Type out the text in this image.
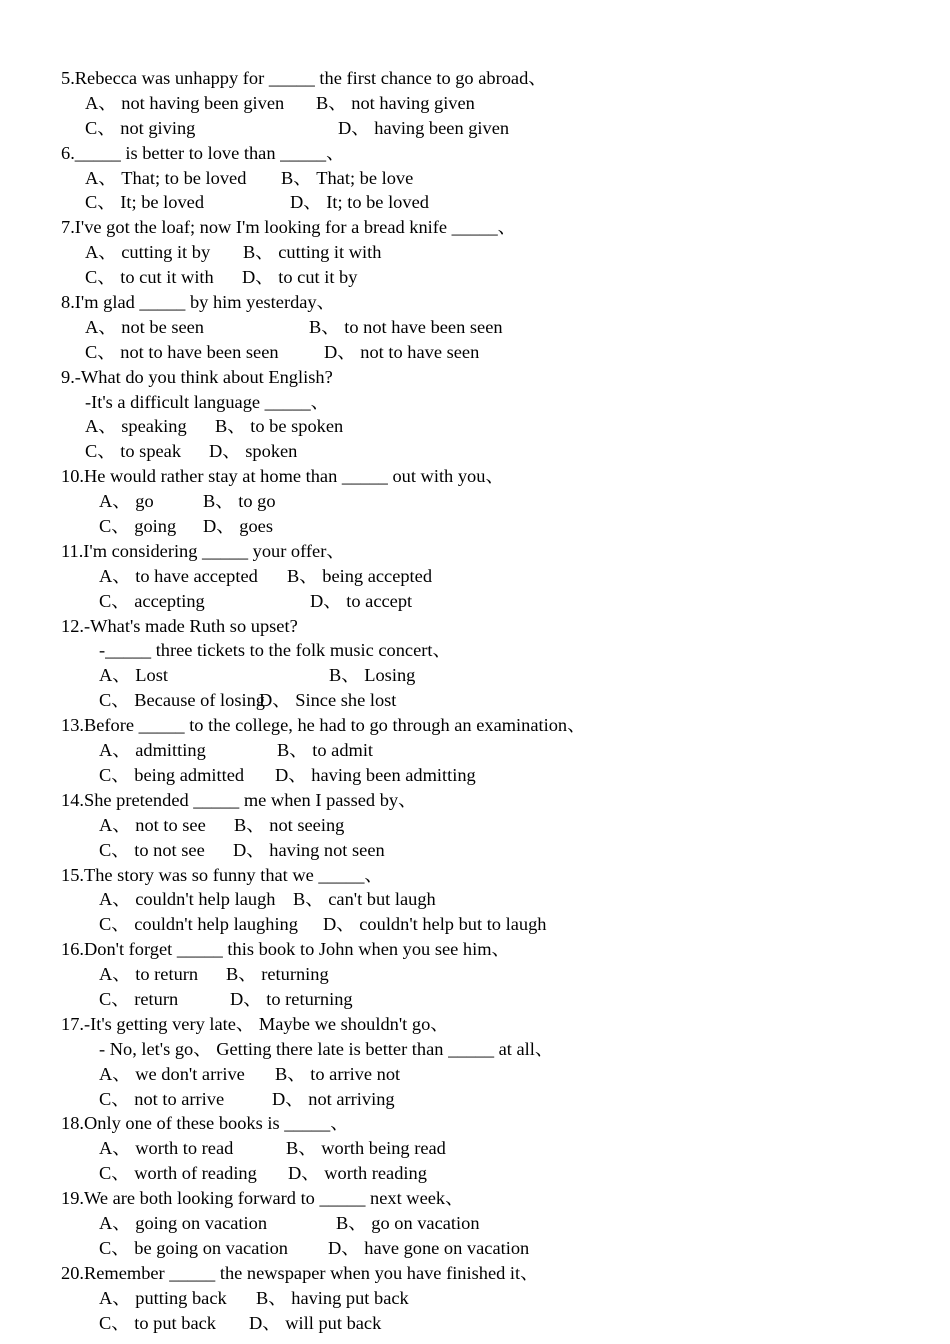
5.Rebecca was unhappy for _____ the first chance to go abroad、
A、 not having been given B、 not having given
C、 not giving	D、 having been given
6._____ is better to love than _____、
A、 That; to be loved B、 That; be love
C、 It; be loved	D、 It; to be loved
7.I've got the loaf; now I'm looking for a bread knife _____、
A、 cutting it by B、 cutting it with
C、 to cut it with D、 to cut it by
8.I'm glad _____ by him yesterday、
A、 not be seen	B、 to not have been seen
C、 not to have been seen D、 not to have seen
9.-What do you think about English?
-It's a difficult language _____、
A、 speaking B、 to be spoken
C、 to speak D、 spoken
10.He would rather stay at home than _____ out with you、
A、 go	B、 to go
C、 going D、 goes
11.I'm considering _____ your offer、
A、 to have accepted B、 being accepted
C、 accepting	D、 to accept
12.-What's made Ruth so upset?
-_____ three tickets to the folk music concert、
A、 Lost	B、 Losing
C、 Because of losingD、 Since she lost
13.Before _____ to the college, he had to go through an examination、
A、 admitting	B、 to admit
C、 being admitted D、 having been admitting
14.She pretended _____ me when I passed by、
A、 not to see B、 not seeing
C、 to not see D、 having not seen
15.The story was so funny that we _____、
A、 couldn't help laugh B、 can't but laugh
C、 couldn't help laughing D、 couldn't help but to laugh
16.Don't forget _____ this book to John when you see him、
A、 to return B、 returning
C、 return	D、 to returning
17.-It's getting very late、 Maybe we shouldn't go、
- No, let's go、 Getting there late is better than _____ at all、
A、 we don't arrive B、 to arrive not
C、 not to arrive	D、 not arriving
18.Only one of these books is _____、
A、 worth to read	B、 worth being read
C、 worth of reading D、 worth reading
19.We are both looking forward to _____ next week、
A、 going on vacation	B、 go on vacation
C、 be going on vacation D、 have gone on vacation
20.Remember _____ the newspaper when you have finished it、
A、 putting back B、 having put back
C、 to put back D、 will put back
